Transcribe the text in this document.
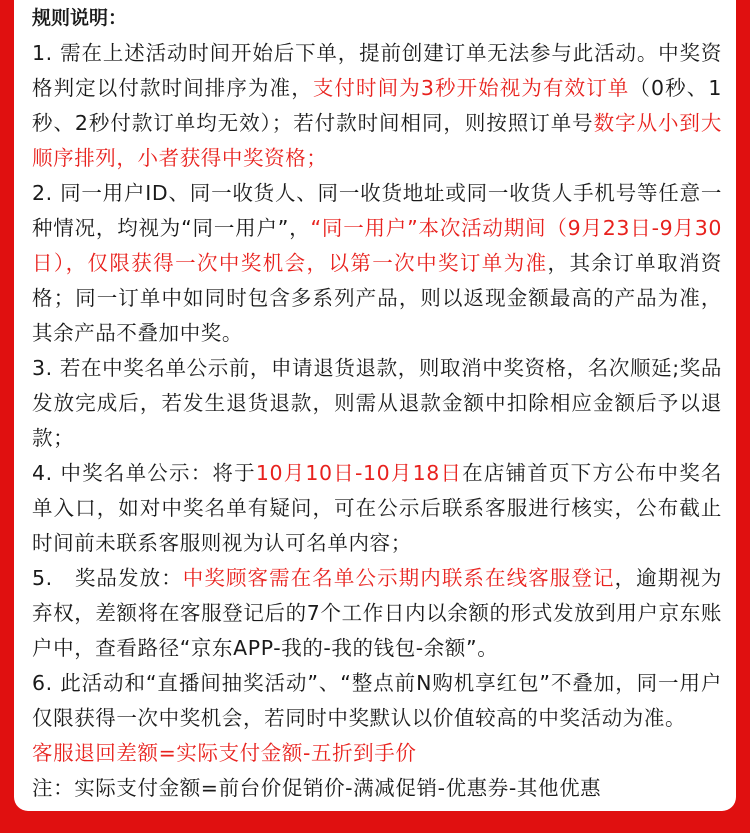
规则说明：

1. 需在上述活动时间开始后下单，提前创建订单无法参与此活动。中奖资格判定以付款时间排序为准，支付时间为3秒开始视为有效订单（0秒、1秒、2秒付款订单均无效）；若付款时间相同，则按照订单号数字从小到大顺序排列，小者获得中奖资格；

2. 同一用户ID、同一收货人、同一收货地址或同一收货人手机号等任意一种情况，均视为“同一用户”，“同一用户”本次活动期间（9月23日-9月30日），仅限获得一次中奖机会，以第一次中奖订单为准，其余订单取消资格；同一订单中如同时包含多系列产品，则以返现金额最高的产品为准，其余产品不叠加中奖。

3. 若在中奖名单公示前，申请退货退款，则取消中奖资格，名次顺延;奖品发放完成后，若发生退货退款，则需从退款金额中扣除相应金额后予以退款；

4. 中奖名单公示：将于10月10日-10月18日在店铺首页下方公布中奖名单入口，如对中奖名单有疑问，可在公示后联系客服进行核实，公布截止时间前未联系客服则视为认可名单内容；

5.　奖品发放：中奖顾客需在名单公示期内联系在线客服登记，逾期视为弃权，差额将在客服登记后的7个工作日内以余额的形式发放到用户京东账户中，查看路径“京东APP-我的-我的钱包-余额”。

6. 此活动和“直播间抽奖活动”、“整点前N购机享红包”不叠加，同一用户仅限获得一次中奖机会，若同时中奖默认以价值较高的中奖活动为准。

客服退回差额=实际支付金额-五折到手价

注：实际支付金额=前台价促销价-满减促销-优惠券-其他优惠
